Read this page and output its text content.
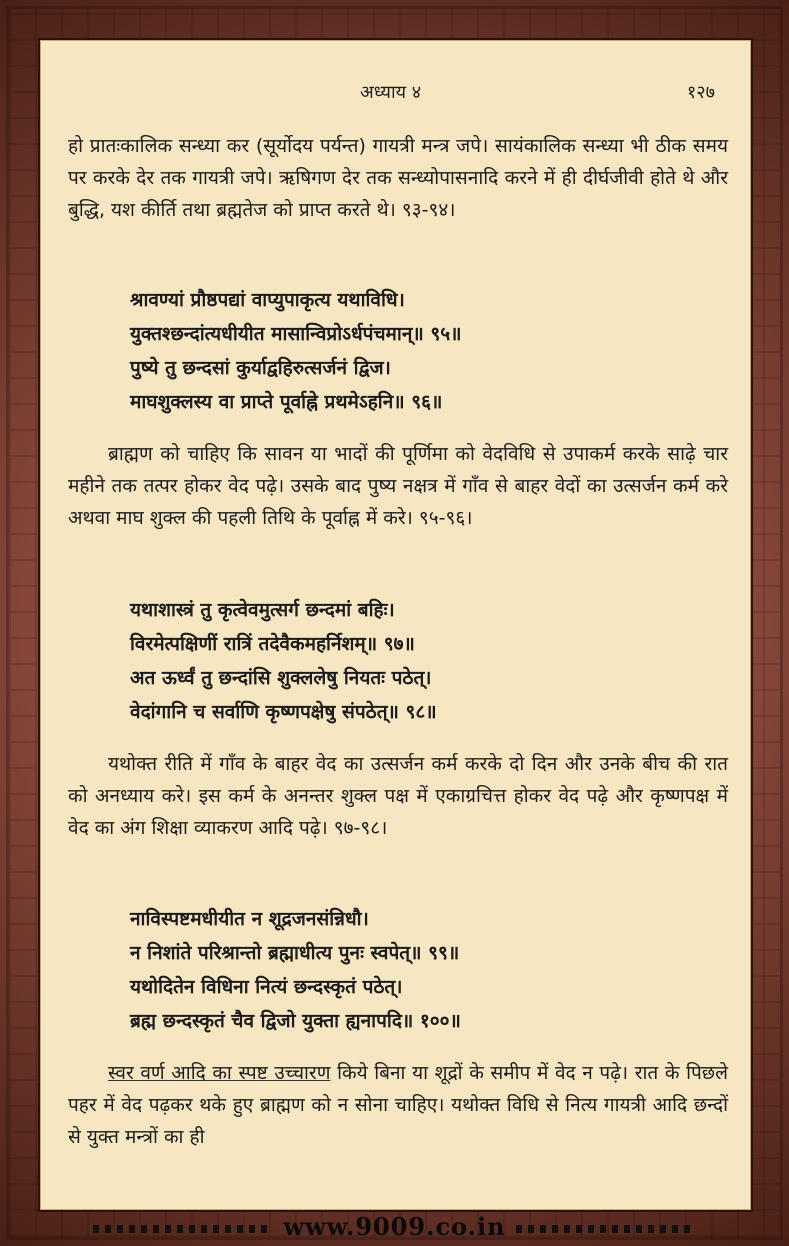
अध्याय ४	१२७

हो प्रातःकालिक सन्ध्या कर (सूर्योदय पर्यन्त) गायत्री मन्त्र जपे। सायंकालिक सन्ध्या भी ठीक समय पर करके देर तक गायत्री जपे। ऋषिगण देर तक सन्ध्योपासनादि करने में ही दीर्घजीवी होते थे और बुद्धि, यश कीर्ति तथा ब्रह्मतेज को प्राप्त करते थे। ९३-९४।

श्रावण्यां प्रौष्ठपद्यां वाप्युपाकृत्य यथाविधि।
युक्तश्छन्दांत्यधीयीत मासान्विप्रोऽर्धपंचमान्॥ ९५॥
पुष्ये तु छन्दसां कुर्याद्वहिरुत्सर्जनं द्विज।
माघशुक्लस्य वा प्राप्ते पूर्वाह्ने प्रथमेऽहनि॥ ९६॥

ब्राह्मण को चाहिए कि सावन या भादों की पूर्णिमा को वेदविधि से उपाकर्म करके साढ़े चार महीने तक तत्पर होकर वेद पढ़े। उसके बाद पुष्य नक्षत्र में गाँव से बाहर वेदों का उत्सर्जन कर्म करे अथवा माघ शुक्ल की पहली तिथि के पूर्वाह्न में करे। ९५-९६।

यथाशास्त्रं तु कृत्वेवमुत्सर्ग छन्दमां बहिः।
विरमेत्पक्षिणीं रात्रिं तदेवैकमहर्निशम्॥ ९७॥
अत ऊर्ध्वं तु छन्दांसि शुक्ललेषु नियतः पठेत्।
वेदांगानि च सर्वाणि कृष्णपक्षेषु संपठेत्॥ ९८॥

यथोक्त रीति में गाँव के बाहर वेद का उत्सर्जन कर्म करके दो दिन और उनके बीच की रात को अनध्याय करे। इस कर्म के अनन्तर शुक्ल पक्ष में एकाग्रचित्त होकर वेद पढ़े और कृष्णपक्ष में वेद का अंग शिक्षा व्याकरण आदि पढ़े। ९७-९८।

नाविस्पष्टमधीयीत न शूद्रजनसंन्निधौ।
न निशांते परिश्रान्तो ब्रह्माधीत्य पुनः स्वपेत्॥ ९९॥
यथोदितेन विधिना नित्यं छन्दस्कृतं पठेत्।
ब्रह्म छन्दस्कृतं चैव द्विजो युक्ता ह्यनापदि॥ १००॥

स्वर वर्ण आदि का स्पष्ट उच्चारण किये बिना या शूद्रों के समीप में वेद न पढ़े। रात के पिछले पहर में वेद पढ़कर थके हुए ब्राह्मण को न सोना चाहिए। यथोक्त विधि से नित्य गायत्री आदि छन्दों से युक्त मन्त्रों का ही

www.9009.co.in
